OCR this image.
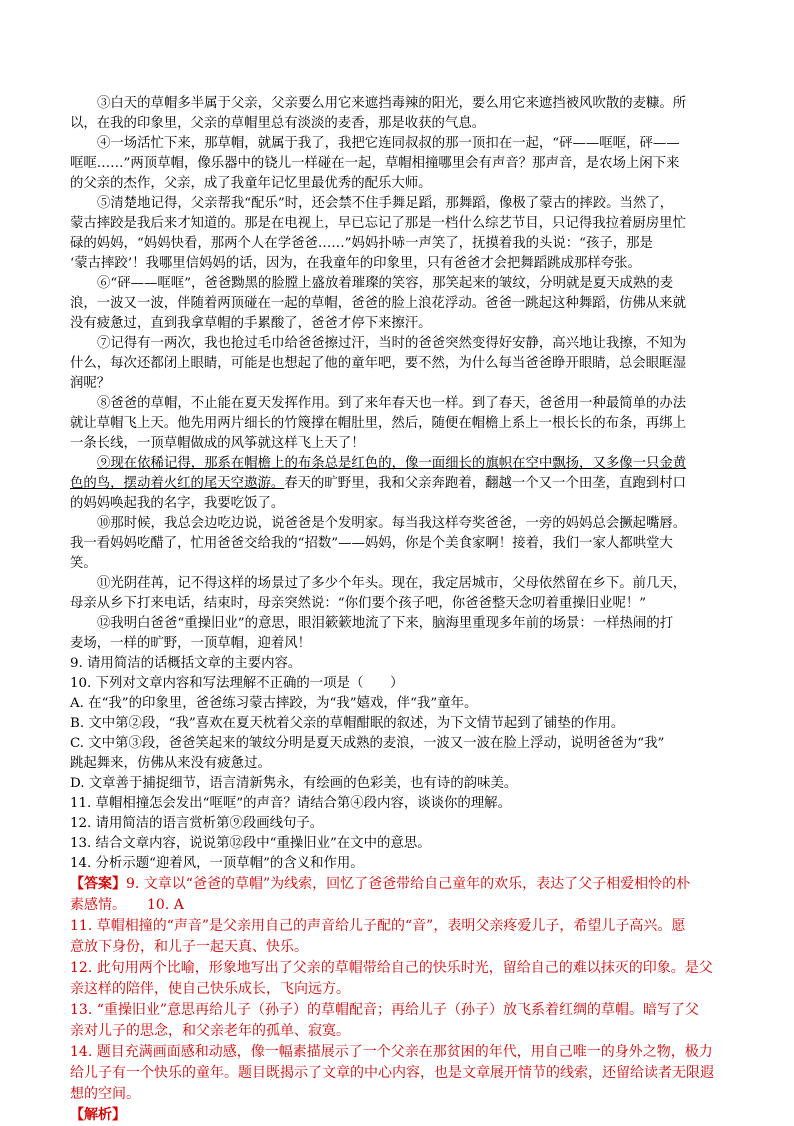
③白天的草帽多半属于父亲，父亲要么用它来遮挡毒辣的阳光，要么用它来遮挡被风吹散的麦糠。所
以，在我的印象里，父亲的草帽里总有淡淡的麦香，那是收获的气息。
④一场活忙下来，那草帽，就属于我了，我把它连同叔叔的那一顶扣在一起，“砰——哐哐，砰——
哐哐……”两顶草帽，像乐器中的铙儿一样碰在一起，草帽相撞哪里会有声音？那声音，是农场上闲下来
的父亲的杰作，父亲，成了我童年记忆里最优秀的配乐大师。
⑤清楚地记得，父亲帮我“配乐”时，还会禁不住手舞足蹈，那舞蹈，像极了蒙古的摔跤。当然了，
蒙古摔跤是我后来才知道的。那是在电视上，早已忘记了那是一档什么综艺节目，只记得我拉着厨房里忙
碌的妈妈，“妈妈快看，那两个人在学爸爸……”妈妈扑哧一声笑了，抚摸着我的头说：“孩子，那是
‘蒙古摔跤’！我哪里信妈妈的话，因为，在我童年的印象里，只有爸爸才会把舞蹈跳成那样夸张。
⑥“砰——哐哐”，爸爸黝黑的脸膛上盛放着璀璨的笑容，那笑起来的皱纹，分明就是夏天成熟的麦
浪，一波又一波，伴随着两顶碰在一起的草帽，爸爸的脸上浪花浮动。爸爸一跳起这种舞蹈，仿佛从来就
没有疲惫过，直到我拿草帽的手累酸了，爸爸才停下来擦汗。
⑦记得有一两次，我也抢过毛巾给爸爸擦过汗，当时的爸爸突然变得好安静，高兴地让我擦，不知为
什么，每次还都闭上眼睛，可能是也想起了他的童年吧，要不然，为什么每当爸爸睁开眼睛，总会眼眶湿
润呢？
⑧爸爸的草帽，不止能在夏天发挥作用。到了来年春天也一样。到了春天，爸爸用一种最简单的办法
就让草帽飞上天。他先用两片细长的竹篾撑在帽肚里，然后，随便在帽檐上系上一根长长的布条，再绑上
一条长线，一顶草帽做成的风筝就这样飞上天了！
⑨现在依稀记得，那系在帽檐上的布条总是红色的，像一面细长的旗帜在空中飘扬，又多像一只金黄
色的鸟，摆动着火红的尾天空遨游。春天的旷野里，我和父亲奔跑着，翻越一个又一个田垄，直跑到村口
的妈妈唤起我的名字，我要吃饭了。
⑩那时候，我总会边吃边说，说爸爸是个发明家。每当我这样夸奖爸爸，一旁的妈妈总会撅起嘴唇。
我一看妈妈吃醋了，忙用爸爸交给我的“招数”——妈妈，你是个美食家啊！接着，我们一家人都哄堂大
笑。
⑪光阴荏苒，记不得这样的场景过了多少个年头。现在，我定居城市，父母依然留在乡下。前几天，
母亲从乡下打来电话，结束时，母亲突然说：“你们要个孩子吧，你爸爸整天念叨着重操旧业呢！”
⑫我明白爸爸“重操旧业”的意思，眼泪簌簌地流了下来，脑海里重现多年前的场景：一样热闹的打
麦场，一样的旷野，一顶草帽，迎着风！
9. 请用简洁的话概括文章的主要内容。
10. 下列对文章内容和写法理解不正确的一项是（　　）
A. 在“我”的印象里，爸爸练习蒙古摔跤，为“我”嬉戏，伴“我”童年。
B. 文中第②段，“我”喜欢在夏天枕着父亲的草帽酣眠的叙述，为下文情节起到了铺垫的作用。
C. 文中第③段，爸爸笑起来的皱纹分明是夏天成熟的麦浪，一波又一波在脸上浮动，说明爸爸为“我”
跳起舞来，仿佛从来没有疲惫过。
D. 文章善于捕捉细节，语言清新隽永，有绘画的色彩美，也有诗的韵味美。
11. 草帽相撞怎会发出“哐哐”的声音？请结合第④段内容，谈谈你的理解。
12. 请用简洁的语言赏析第⑨段画线句子。
13. 结合文章内容，说说第⑫段中“重操旧业”在文中的意思。
14. 分析示题“迎着风，一顶草帽”的含义和作用。
【答案】9. 文章以“爸爸的草帽”为线索，回忆了爸爸带给自己童年的欢乐，表达了父子相爱相怜的朴
素感情。　　10. A
11. 草帽相撞的“声音”是父亲用自己的声音给儿子配的“音”，表明父亲疼爱儿子，希望儿子高兴。愿
意放下身份，和儿子一起天真、快乐。
12. 此句用两个比喻，形象地写出了父亲的草帽带给自己的快乐时光，留给自己的难以抹灭的印象。是父
亲这样的陪伴，使自己快乐成长，飞向远方。
13. “重操旧业”意思再给儿子（孙子）的草帽配音；再给儿子（孙子）放飞系着红绸的草帽。暗写了父
亲对儿子的思念，和父亲老年的孤单、寂寞。
14. 题目充满画面感和动感，像一幅素描展示了一个父亲在那贫困的年代，用自己唯一的身外之物，极力
给儿子有一个快乐的童年。题目既揭示了文章的中心内容，也是文章展开情节的线索，还留给读者无限遐
想的空间。
【解析】
